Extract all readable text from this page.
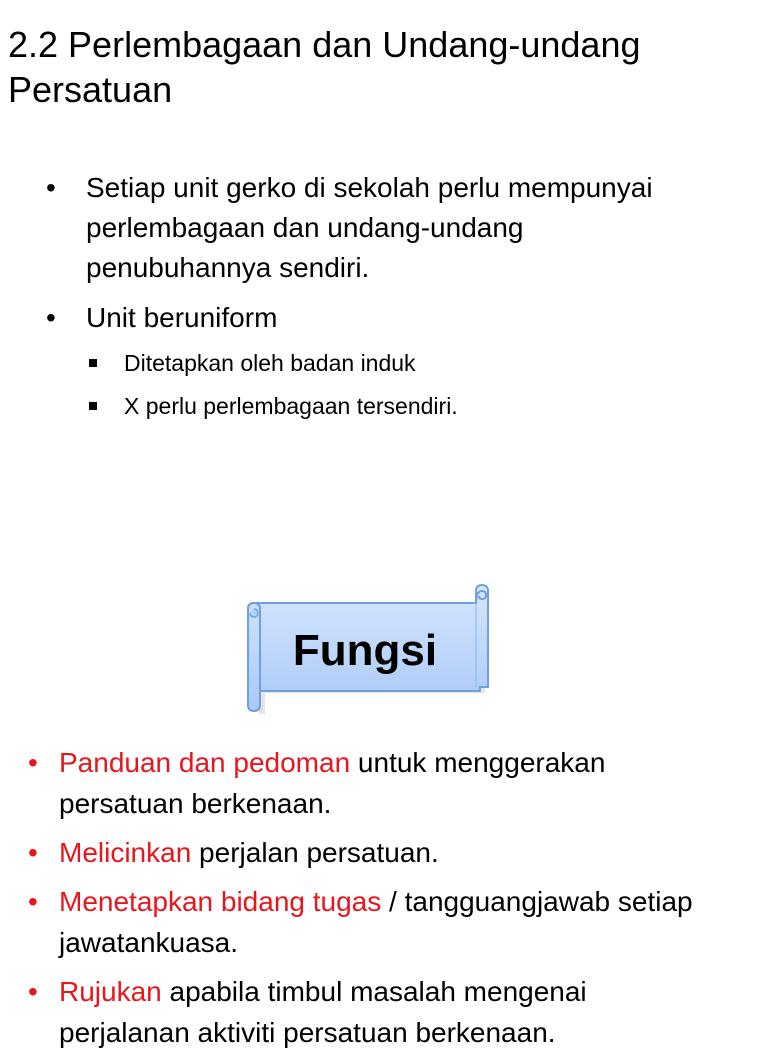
2.2 Perlembagaan dan Undang-undang Persatuan
• Setiap unit gerko di sekolah perlu mempunyai perlembagaan dan undang-undang penubuhannya sendiri.
• Unit beruniform
Ditetapkan oleh badan induk
X perlu perlembagaan tersendiri.
Fungsi
• Panduan dan pedoman untuk menggerakan persatuan berkenaan.
• Melicinkan perjalan persatuan.
• Menetapkan bidang tugas / tangguangjawab setiap jawatankuasa.
• Rujukan apabila timbul masalah mengenai perjalanan aktiviti persatuan berkenaan.
